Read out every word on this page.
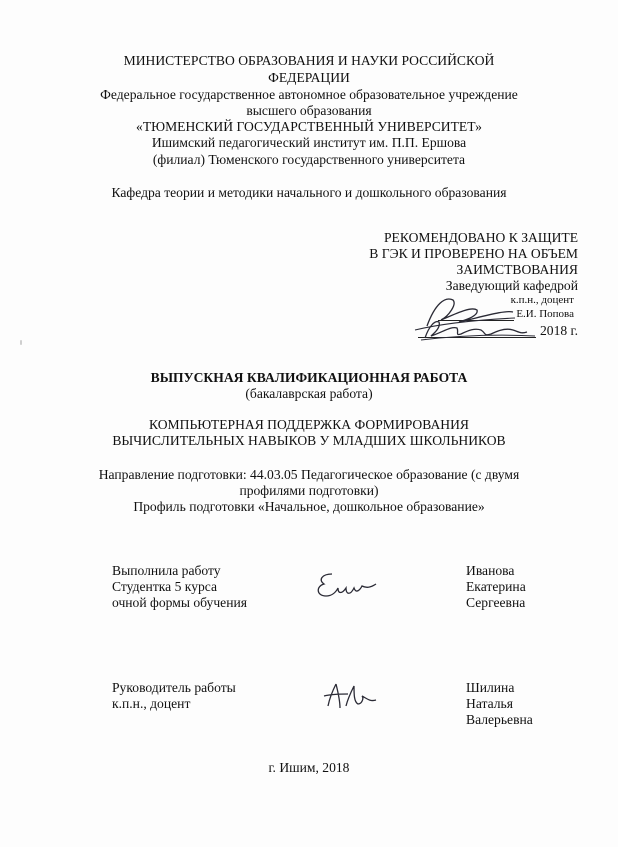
МИНИСТЕРСТВО ОБРАЗОВАНИЯ И НАУКИ РОССИЙСКОЙ
ФЕДЕРАЦИИ
Федеральное государственное автономное образовательное учреждение
высшего образования
«ТЮМЕНСКИЙ ГОСУДАРСТВЕННЫЙ УНИВЕРСИТЕТ»
Ишимский педагогический институт им. П.П. Ершова
(филиал) Тюменского государственного университета
Кафедра теории и методики начального и дошкольного образования
РЕКОМЕНДОВАНО К ЗАЩИТЕ
В ГЭК И ПРОВЕРЕНО НА ОБЪЕМ
ЗАИМСТВОВАНИЯ
Заведующий кафедрой
к.п.н., доцент
Е.И. Попова
2018 г.
ВЫПУСКНАЯ КВАЛИФИКАЦИОННАЯ РАБОТА
(бакалаврская работа)
КОМПЬЮТЕРНАЯ ПОДДЕРЖКА ФОРМИРОВАНИЯ
ВЫЧИСЛИТЕЛЬНЫХ НАВЫКОВ У МЛАДШИХ ШКОЛЬНИКОВ
Направление подготовки: 44.03.05 Педагогическое образование (с двумя
профилями подготовки)
Профиль подготовки «Начальное, дошкольное образование»
Выполнила работу
Студентка 5 курса
очной формы обучения
Иванова
Екатерина
Сергеевна
Руководитель работы
к.п.н., доцент
Шилина
Наталья
Валерьевна
г. Ишим, 2018
